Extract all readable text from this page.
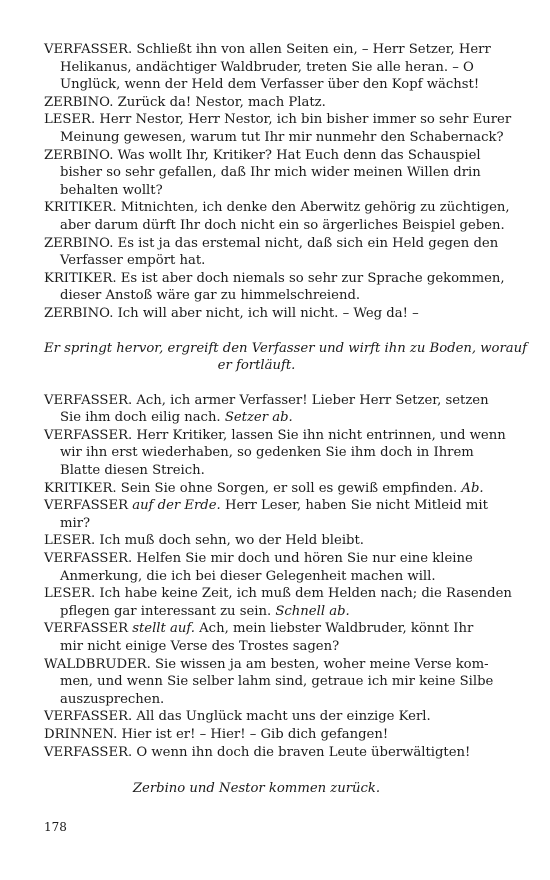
VERFASSER. Schließt ihn von allen Seiten ein, – Herr Setzer, Herr
Helikanus, andächtiger Waldbruder, treten Sie alle heran. – O
Unglück, wenn der Held dem Verfasser über den Kopf wächst!
ZERBINO. Zurück da! Nestor, mach Platz.
LESER. Herr Nestor, Herr Nestor, ich bin bisher immer so sehr Eurer
Meinung gewesen, warum tut Ihr mir nunmehr den Schabernack?
ZERBINO. Was wollt Ihr, Kritiker? Hat Euch denn das Schauspiel
bisher so sehr gefallen, daß Ihr mich wider meinen Willen drin
behalten wollt?
KRITIKER. Mitnichten, ich denke den Aberwitz gehörig zu züchtigen,
aber darum dürft Ihr doch nicht ein so ärgerliches Beispiel geben.
ZERBINO. Es ist ja das erstemal nicht, daß sich ein Held gegen den
Verfasser empört hat.
KRITIKER. Es ist aber doch niemals so sehr zur Sprache gekommen,
dieser Anstoß wäre gar zu himmelschreiend.
ZERBINO. Ich will aber nicht, ich will nicht. – Weg da! –
Er springt hervor, ergreift den Verfasser und wirft ihn zu Boden, worauf
er fortläuft.
VERFASSER. Ach, ich armer Verfasser! Lieber Herr Setzer, setzen
Sie ihm doch eilig nach. Setzer ab.
VERFASSER. Herr Kritiker, lassen Sie ihn nicht entrinnen, und wenn
wir ihn erst wiederhaben, so gedenken Sie ihm doch in Ihrem
Blatte diesen Streich.
KRITIKER. Sein Sie ohne Sorgen, er soll es gewiß empfinden. Ab.
VERFASSER auf der Erde. Herr Leser, haben Sie nicht Mitleid mit
mir?
LESER. Ich muß doch sehn, wo der Held bleibt.
VERFASSER. Helfen Sie mir doch und hören Sie nur eine kleine
Anmerkung, die ich bei dieser Gelegenheit machen will.
LESER. Ich habe keine Zeit, ich muß dem Helden nach; die Rasenden
pflegen gar interessant zu sein. Schnell ab.
VERFASSER stellt auf. Ach, mein liebster Waldbruder, könnt Ihr
mir nicht einige Verse des Trostes sagen?
WALDBRUDER. Sie wissen ja am besten, woher meine Verse kom-
men, und wenn Sie selber lahm sind, getraue ich mir keine Silbe
auszusprechen.
VERFASSER. All das Unglück macht uns der einzige Kerl.
DRINNEN. Hier ist er! – Hier! – Gib dich gefangen!
VERFASSER. O wenn ihn doch die braven Leute überwältigten!
Zerbino und Nestor kommen zurück.
178
